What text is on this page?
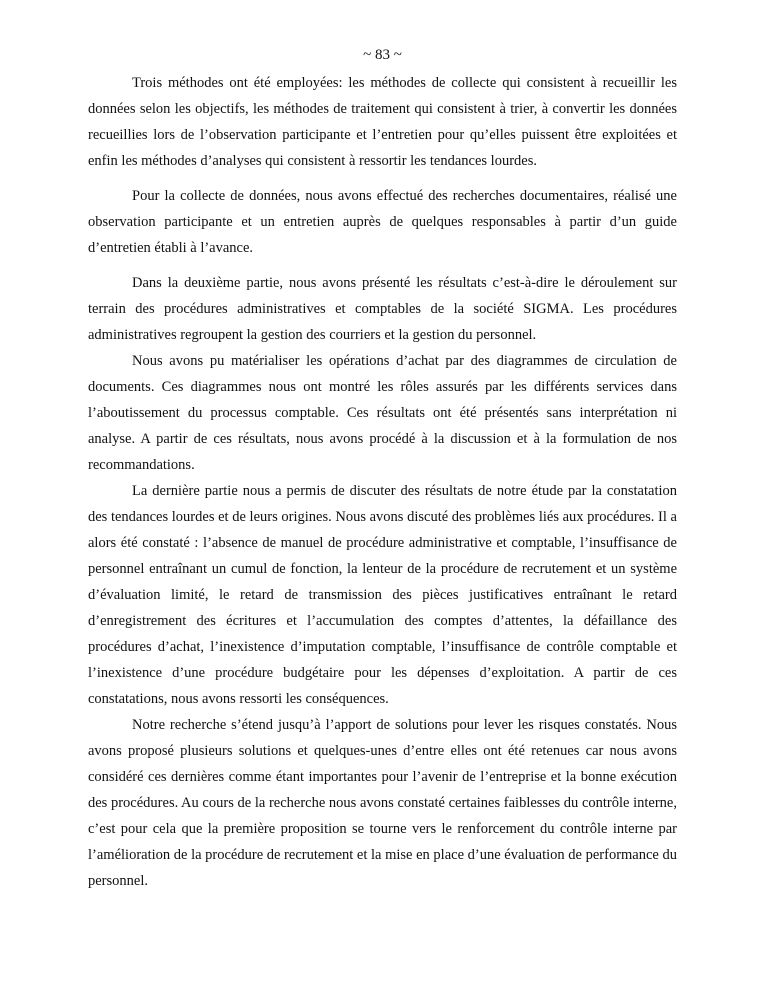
~ 83 ~

Trois méthodes ont été employées: les méthodes de collecte qui consistent à recueillir les données selon les objectifs, les méthodes de traitement qui consistent à trier, à convertir les données recueillies lors de l’observation participante et l’entretien pour qu’elles puissent être exploitées et enfin les méthodes d’analyses qui consistent à ressortir les tendances lourdes.

Pour la collecte de données, nous avons effectué des recherches documentaires, réalisé une observation participante et un entretien auprès de quelques responsables à partir d’un guide d’entretien établi à l’avance.

Dans la deuxième partie, nous avons présenté les résultats c’est-à-dire le déroulement sur terrain des procédures administratives et comptables de la société SIGMA. Les procédures administratives regroupent la gestion des courriers et la gestion du personnel.

Nous avons pu matérialiser les opérations d’achat par des diagrammes de circulation de documents. Ces diagrammes nous ont montré les rôles assurés par les différents services dans l’aboutissement du processus comptable. Ces résultats ont été présentés sans interprétation ni analyse. A partir de ces résultats, nous avons procédé à la discussion et à la formulation de nos recommandations.

La dernière partie nous a permis de discuter des résultats de notre étude par la constatation des tendances lourdes et de leurs origines. Nous avons discuté des problèmes liés aux procédures. Il a alors été constaté : l’absence de manuel de procédure administrative et comptable, l’insuffisance de personnel entraînant un cumul de fonction, la lenteur de la procédure de recrutement et un système d’évaluation limité, le retard de transmission des pièces justificatives entraînant le retard d’enregistrement des écritures et l’accumulation des comptes d’attentes, la défaillance des procédures d’achat, l’inexistence d’imputation comptable, l’insuffisance de contrôle comptable et l’inexistence d’une procédure budgétaire pour les dépenses d’exploitation. A partir de ces constatations, nous avons ressorti les conséquences.

Notre recherche s’étend jusqu’à l’apport de solutions pour lever les risques constatés. Nous avons proposé plusieurs solutions et quelques-unes d’entre elles ont été retenues car nous avons considéré ces dernières comme étant importantes pour l’avenir de l’entreprise et la bonne exécution des procédures. Au cours de la recherche nous avons constaté certaines faiblesses du contrôle interne, c’est pour cela que la première proposition se tourne vers le renforcement du contrôle interne par l’amélioration de la procédure de recrutement et la mise en place d’une évaluation de performance du personnel.
